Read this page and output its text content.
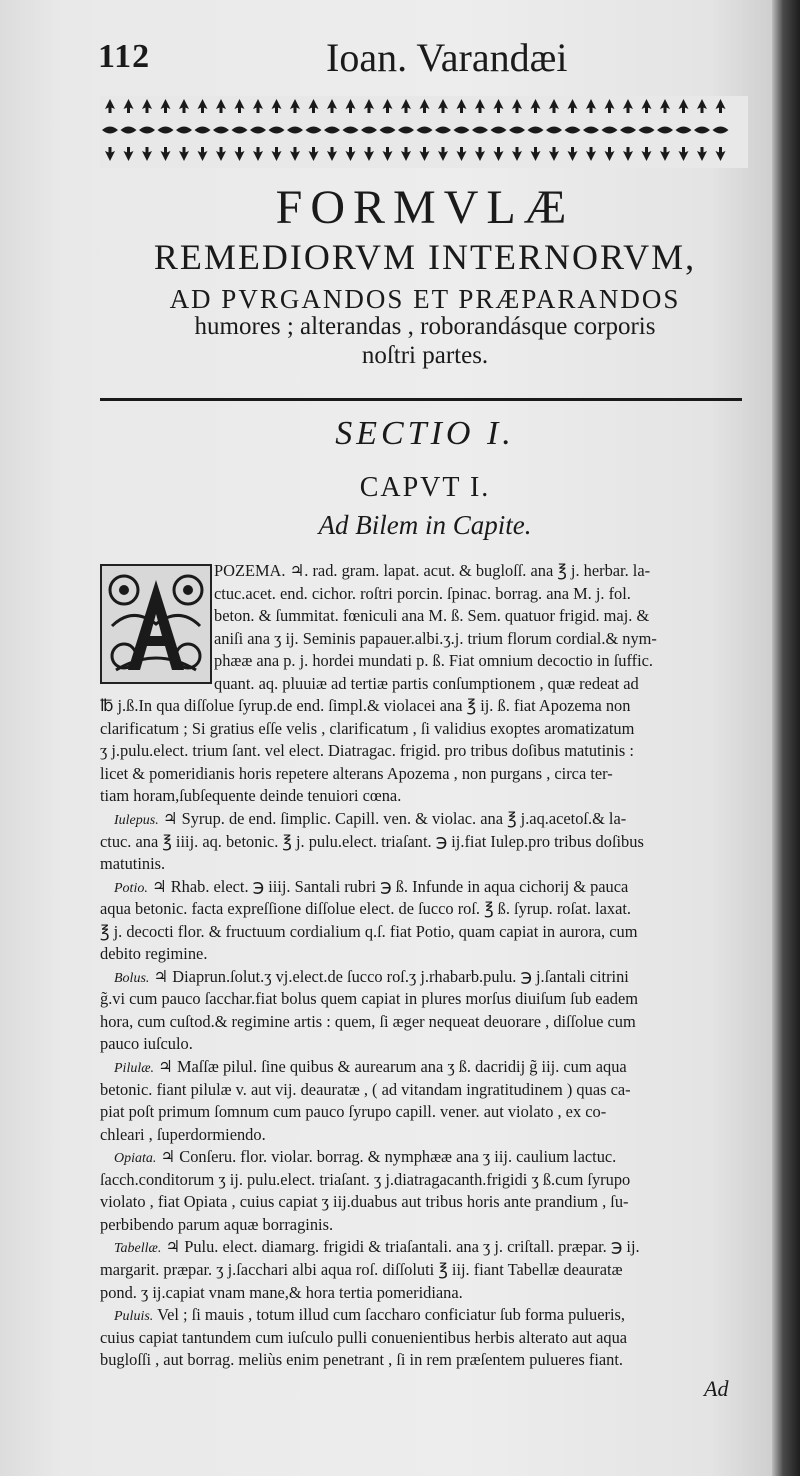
112	Ioan. Varandæi
FORMVLÆ
REMEDIORVM INTERNORVM,
AD PVRGANDOS ET PRÆPARANDOS
humores ; alterandas , roborandásque corporis
noſtri partes.
SECTIO I.
CAPVT I.
Ad Bilem in Capite.
POZEMA. ♃. rad. gram. lapat. acut. & bugloſſ. ana ℥ j. herbar. la-
ctuc.acet. end. cichor. roſtri porcin. ſpinac. borrag. ana M. j. fol.
beton. & ſummitat. fœniculi ana M. ß. Sem. quatuor frigid. maj. &
aniſi ana ʒ ij. Seminis papauer.albi.ʒ.j. trium florum cordial.& nym-
phææ ana p. j. hordei mundati p. ß. Fiat omnium decoctio in ſuffic.
quant. aq. pluuiæ ad tertiæ partis conſumptionem , quæ redeat ad
℔ j.ß.In qua diſſolue ſyrup.de end. ſimpl.& violacei ana ℥ ij. ß. fiat Apozema non
clarificatum ; Si gratius eſſe velis , clarificatum , ſi validius exoptes aromatizatum
ʒ j.pulu.elect. trium ſant. vel elect. Diatragac. frigid. pro tribus doſibus matutinis :
licet & pomeridianis horis repetere alterans Apozema , non purgans , circa ter-
tiam horam,ſubſequente deinde tenuiori cœna.
Iulepus. ♃ Syrup. de end. ſimplic. Capill. ven. & violac. ana ℥ j.aq.acetoſ.& la-
ctuc. ana ℥ iiij. aq. betonic. ℥ j. pulu.elect. triaſant. ℈ ij.fiat Iulep.pro tribus doſibus
matutinis.
Potio. ♃ Rhab. elect. ℈ iiij. Santali rubri ℈ ß. Infunde in aqua cichorij & pauca
aqua betonic. facta expreſſione diſſolue elect. de ſucco roſ. ℥ ß. ſyrup. roſat. laxat.
℥ j. decocti flor. & fructuum cordialium q.ſ. fiat Potio, quam capiat in aurora, cum
debito regimine.
Bolus. ♃ Diaprun.ſolut.ʒ vj.elect.de ſucco roſ.ʒ j.rhabarb.pulu. ℈ j.ſantali citrini
g̃.vi cum pauco ſacchar.fiat bolus quem capiat in plures morſus diuiſum ſub eadem
hora, cum cuſtod.& regimine artis : quem, ſi æger nequeat deuorare , diſſolue cum
pauco iuſculo.
Pilulæ. ♃ Maſſæ pilul. ſine quibus & aurearum ana ʒ ß. dacridij g̃ iij. cum aqua
betonic. fiant pilulæ v. aut vij. deauratæ , ( ad vitandam ingratitudinem ) quas ca-
piat poſt primum ſomnum cum pauco ſyrupo capill. vener. aut violato , ex co-
chleari , ſuperdormiendo.
Opiata. ♃ Conſeru. flor. violar. borrag. & nymphææ ana ʒ iij. caulium lactuc.
ſacch.conditorum ʒ ij. pulu.elect. triaſant. ʒ j.diatragacanth.frigidi ʒ ß.cum ſyrupo
violato , fiat Opiata , cuius capiat ʒ iij.duabus aut tribus horis ante prandium , ſu-
perbibendo parum aquæ borraginis.
Tabellæ. ♃ Pulu. elect. diamarg. frigidi & triaſantali. ana ʒ j. criſtall. præpar. ℈ ij.
margarit. præpar. ʒ j.ſacchari albi aqua roſ. diſſoluti ℥ iij. fiant Tabellæ deauratæ
pond. ʒ ij.capiat vnam mane,& hora tertia pomeridiana.
Puluis. Vel ; ſi mauis , totum illud cum ſaccharo conficiatur ſub forma pulueris,
cuius capiat tantundem cum iuſculo pulli conuenientibus herbis alterato aut aqua
bugloſſi , aut borrag. meliùs enim penetrant , ſi in rem præſentem pulueres fiant.
Ad
